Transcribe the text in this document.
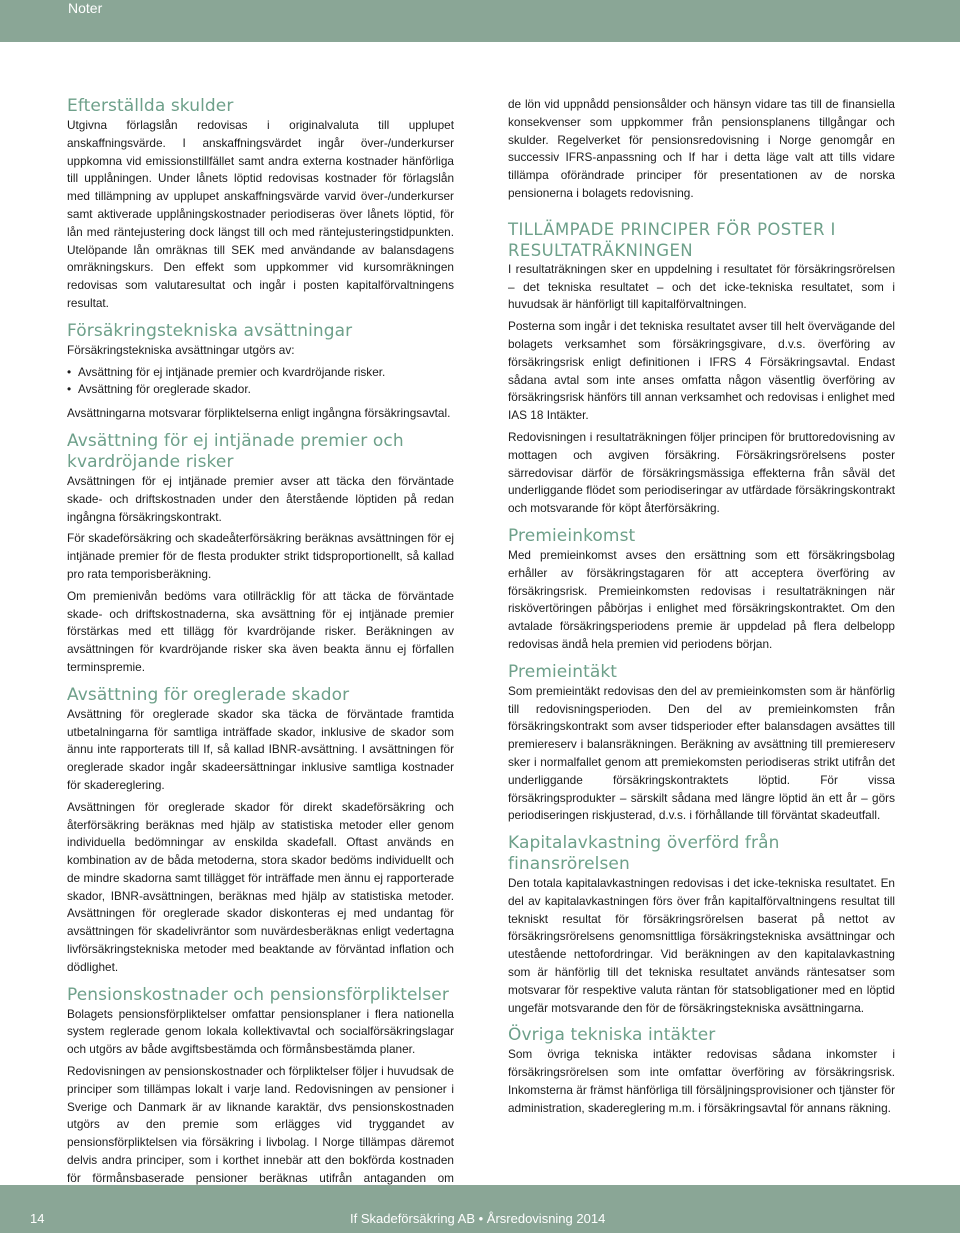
Noter
Efterställda skulder

Utgivna förlagslån redovisas i originalvaluta till upplupet anskaffningsvärde. I anskaffningsvärdet ingår över-/underkurser uppkomna vid emissionstillfället samt andra externa kostnader hänförliga till upplåningen. Under lånets löptid redovisas kostnader för förlagslån med tillämpning av upplupet anskaffningsvärde varvid över-/underkurser samt aktiverade upplåningskostnader periodiseras över lånets löptid, för lån med räntejustering dock längst till och med räntejusteringstidpunkten. Utelöpande lån omräknas till SEK med användande av balansdagens omräkningskurs. Den effekt som uppkommer vid kursomräkningen redovisas som valutaresultat och ingår i posten kapitalförvaltningens resultat.

Försäkringstekniska avsättningar

Försäkringstekniska avsättningar utgörs av:

• Avsättning för ej intjänade premier och kvardröjande risker.
• Avsättning för oreglerade skador.

Avsättningarna motsvarar förpliktelserna enligt ingångna försäkringsavtal.

Avsättning för ej intjänade premier och kvardröjande risker

Avsättningen för ej intjänade premier avser att täcka den förväntade skade- och driftskostnaden under den återstående löptiden på redan ingångna försäkringskontrakt.

För skadeförsäkring och skadeåterförsäkring beräknas avsättningen för ej intjänade premier för de flesta produkter strikt tidsproportionellt, så kallad pro rata temporisberäkning.

Om premienivån bedöms vara otillräcklig för att täcka de förväntade skade- och driftskostnaderna, ska avsättning för ej intjänade premier förstärkas med ett tillägg för kvardröjande risker. Beräkningen av avsättningen för kvardröjande risker ska även beakta ännu ej förfallen terminspremie.

Avsättning för oreglerade skador

Avsättning för oreglerade skador ska täcka de förväntade framtida utbetalningarna för samtliga inträffade skador, inklusive de skador som ännu inte rapporterats till If, så kallad IBNR-avsättning. I avsättningen för oreglerade skador ingår skadeersättningar inklusive samtliga kostnader för skadereglering.

Avsättningen för oreglerade skador för direkt skadeförsäkring och återförsäkring beräknas med hjälp av statistiska metoder eller genom individuella bedömningar av enskilda skadefall. Oftast används en kombination av de båda metoderna, stora skador bedöms individuellt och de mindre skadorna samt tillägget för inträffade men ännu ej rapporterade skador, IBNR-avsättningen, beräknas med hjälp av statistiska metoder. Avsättningen för oreglerade skador diskonteras ej med undantag för avsättningen för skadelivräntor som nuvärdesberäknas enligt vedertagna livförsäkringstekniska metoder med beaktande av förväntad inflation och dödlighet.

Pensionskostnader och pensionsförpliktelser

Bolagets pensionsförpliktelser omfattar pensionsplaner i flera nationella system reglerade genom lokala kollektivavtal och socialförsäkringslagar och utgörs av både avgiftsbestämda och förmånsbestämda planer.

Redovisningen av pensionskostnader och förpliktelser följer i huvudsak de principer som tillämpas lokalt i varje land. Redovisningen av pensioner i Sverige och Danmark är av liknande karaktär, dvs pensionskostnaden utgörs av den premie som erlägges vid tryggandet av pensionsförpliktelsen via försäkring i livbolag. I Norge tillämpas däremot delvis andra principer, som i korthet innebär att den bokförda kostnaden för förmånsbaserade pensioner beräknas utifrån antaganden om

de lön vid uppnådd pensionsålder och hänsyn vidare tas till de finansiella konsekvenser som uppkommer från pensionsplanens tillgångar och skulder. Regelverket för pensionsredovisning i Norge genomgår en successiv IFRS-anpassning och If har i detta läge valt att tills vidare tillämpa oförändrade principer för presentationen av de norska pensionerna i bolagets redovisning.

TILLÄMPADE PRINCIPER FÖR POSTER I RESULTATRÄKNINGEN

I resultaträkningen sker en uppdelning i resultatet för försäkringsrörelsen – det tekniska resultatet – och det icke-tekniska resultatet, som i huvudsak är hänförligt till kapitalförvaltningen.

Posterna som ingår i det tekniska resultatet avser till helt övervägande del bolagets verksamhet som försäkringsgivare, d.v.s. överföring av försäkringsrisk enligt definitionen i IFRS 4 Försäkringsavtal. Endast sådana avtal som inte anses omfatta någon väsentlig överföring av försäkringsrisk hänförs till annan verksamhet och redovisas i enlighet med IAS 18 Intäkter.

Redovisningen i resultaträkningen följer principen för bruttoredovisning av mottagen och avgiven försäkring. Försäkringsrörelsens poster särredovisar därför de försäkringsmässiga effekterna från såväl det underliggande flödet som periodiseringar av utfärdade försäkringskontrakt och motsvarande för köpt återförsäkring.

Premieinkomst

Med premieinkomst avses den ersättning som ett försäkringsbolag erhåller av försäkringstagaren för att acceptera överföring av försäkringsrisk. Premieinkomsten redovisas i resultaträkningen när riskövertöringen påbörjas i enlighet med försäkringskontraktet. Om den avtalade försäkringsperiodens premie är uppdelad på flera delbelopp redovisas ändå hela premien vid periodens början.

Premieintäkt

Som premieintäkt redovisas den del av premieinkomsten som är hänförlig till redovisningsperioden. Den del av premieinkomsten från försäkringskontrakt som avser tidsperioder efter balansdagen avsättes till premiereserv i balansräkningen. Beräkning av avsättning till premiereserv sker i normalfallet genom att premiekomsten periodiseras strikt utifrån det underliggande försäkringskontraktets löptid. För vissa försäkringsprodukter – särskilt sådana med längre löptid än ett år – görs periodiseringen riskjusterad, d.v.s. i förhållande till förväntat skadeutfall.

Kapitalavkastning överförd från finansrörelsen

Den totala kapitalavkastningen redovisas i det icke-tekniska resultatet. En del av kapitalavkastningen förs över från kapitalförvaltningens resultat till tekniskt resultat för försäkringsrörelsen baserat på nettot av försäkringsrörelsens genomsnittliga försäkringstekniska avsättningar och utestående nettofordringar. Vid beräkningen av den kapitalavkastning som är hänförlig till det tekniska resultatet används räntesatser som motsvarar för respektive valuta räntan för statsobligationer med en löptid ungefär motsvarande den för de försäkringstekniska avsättningarna.

Övriga tekniska intäkter

Som övriga tekniska intäkter redovisas sådana inkomster i försäkringsrörelsen som inte omfattar överföring av försäkringsrisk. Inkomsterna är främst hänförliga till försäljningsprovisioner och tjänster för administration, skadereglering m.m. i försäkringsavtal för annans räkning.

14	If Skadeförsäkring AB • Årsredovisning 2014
